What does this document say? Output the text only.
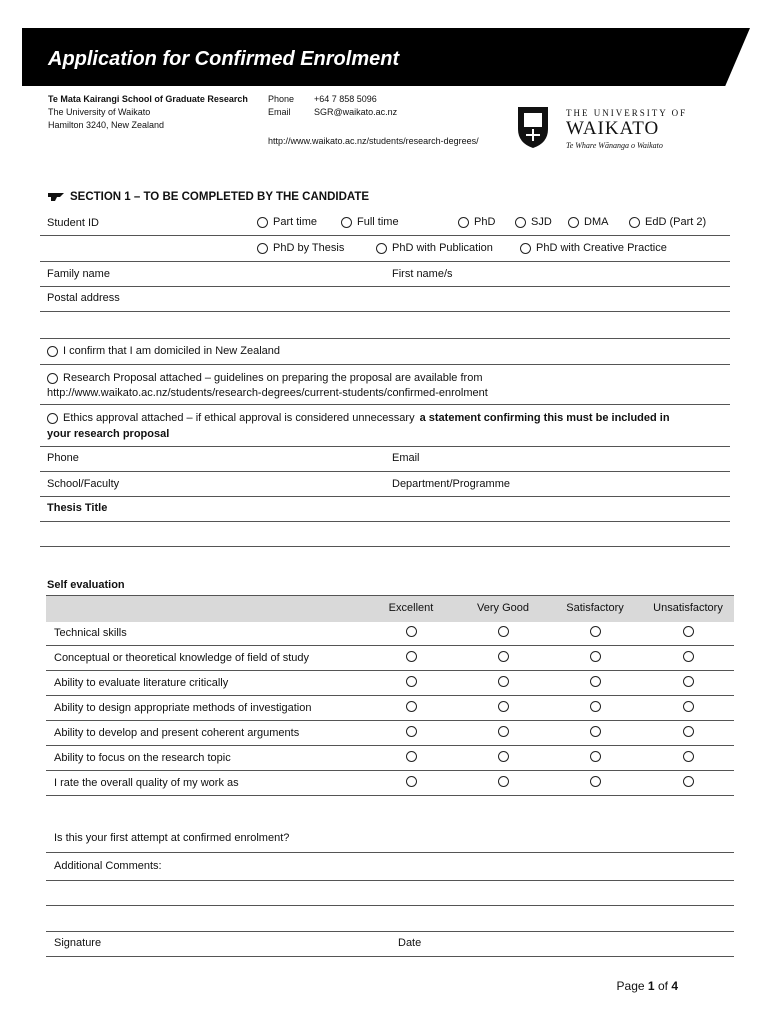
Application for Confirmed Enrolment
Te Mata Kairangi School of Graduate Research
The University of Waikato
Hamilton 3240, New Zealand
Phone +64 7 858 5096
Email	SGR@waikato.ac.nz
http://www.waikato.ac.nz/students/research-degrees/
THE UNIVERSITY OF
WAIKATO
Te Whare Wānanga o Waikato
SECTION 1 – TO BE COMPLETED BY THE CANDIDATE
Student ID	Part time	Full time	PhD	SJD	DMA	EdD (Part 2)
PhD by Thesis	PhD with Publication	PhD with Creative Practice
Family name	First name/s
Postal address
I confirm that I am domiciled in New Zealand
Research Proposal attached – guidelines on preparing the proposal are available from
http://www.waikato.ac.nz/students/research-degrees/current-students/confirmed-enrolment
Ethics approval attached – if ethical approval is considered unnecessary a statement confirming this must be included in
your research proposal
Phone	Email
School/Faculty	Department/Programme
Thesis Title
Self evaluation
Excellent	Very Good	Satisfactory	Unsatisfactory
Technical skills
Conceptual or theoretical knowledge of field of study
Ability to evaluate literature critically
Ability to design appropriate methods of investigation
Ability to develop and present coherent arguments
Ability to focus on the research topic
I rate the overall quality of my work as
Is this your first attempt at confirmed enrolment?
Additional Comments:
Signature	Date
Page 1 of 4
